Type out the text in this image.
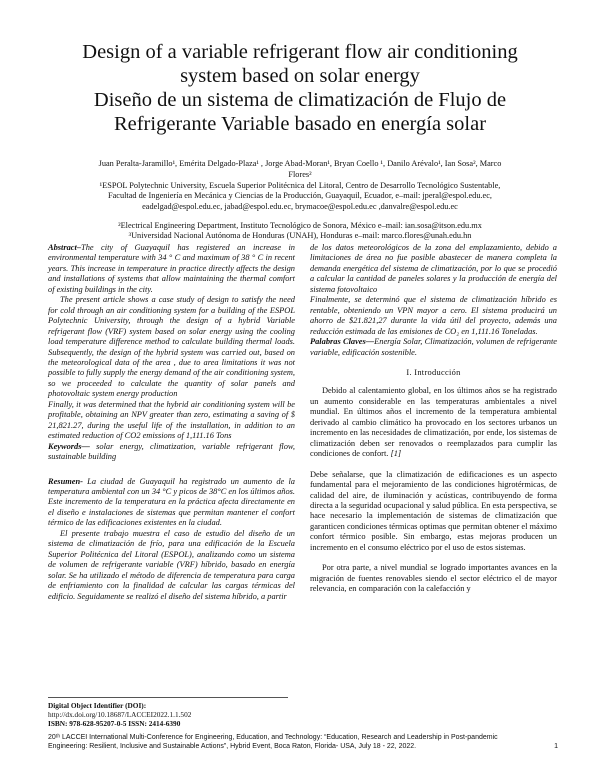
Design of a variable refrigerant flow air conditioning
system based on solar energy
Diseño de un sistema de climatización de Flujo de
Refrigerante Variable basado en energía solar
Juan Peralta-Jaramillo¹, Emérita Delgado-Plaza¹ , Jorge Abad-Moran¹, Bryan Coello ¹, Danilo Arévalo¹, Ian Sosa², Marco
Flores²
¹ESPOL Polytechnic University, Escuela Superior Politécnica del Litoral, Centro de Desarrollo Tecnológico Sustentable,
Facultad de Ingeniería en Mecánica y Ciencias de la Producción, Guayaquil, Ecuador, e–mail: jperal@espol.edu.ec,
eadelgad@espol.edu.ec, jabad@espol.edu.ec, brymacoe@espol.edu.ec ,danvalre@espol.edu.ec
²Electrical Engineering Department, Instituto Tecnológico de Sonora, México e–mail: ian.sosa@itson.edu.mx
³Universidad Nacional Autónoma de Honduras (UNAH), Honduras e–mail: marco.flores@unah.edu.hn

Abstract–The city of Guayaquil has registered an increase in environmental temperature with 34 ° C and maximum of 38 ° C in recent years. This increase in temperature in practice directly affects the design and installations of systems that allow maintaining the thermal comfort of existing buildings in the city.

The present article shows a case study of design to satisfy the need for cold through an air conditioning system for a building of the ESPOL Polytechnic University, through the design of a hybrid Variable refrigerant flow (VRF) system based on solar energy using the cooling load temperature difference method to calculate building thermal loads. Subsequently, the design of the hybrid system was carried out, based on the meteorological data of the area , due to area limitations it was not possible to fully supply the energy demand of the air conditioning system, so we proceeded to calculate the quantity of solar panels and photovoltaic system energy production

Finally, it was determined that the hybrid air conditioning system will be profitable, obtaining an NPV greater than zero, estimating a saving of $ 21,821.27, during the useful life of the installation, in addition to an estimated reduction of CO2 emissions of 1,111.16 Tons

Keywords— solar energy, climatization, variable refrigerant flow, sustainable building

Resumen- La ciudad de Guayaquil ha registrado un aumento de la temperatura ambiental con un 34 °C y picos de 38°C en los últimos años. Este incremento de la temperatura en la práctica afecta directamente en el diseño e instalaciones de sistemas que permitan mantener el confort térmico de las edificaciones existentes en la ciudad.

El presente trabajo muestra el caso de estudio del diseño de un sistema de climatización de frío, para una edificación de la Escuela Superior Politécnica del Litoral (ESPOL), analizando como un sistema de volumen de refrigerante variable (VRF) híbrido, basado en energía solar. Se ha utilizado el método de diferencia de temperatura para carga de enfriamiento con la finalidad de calcular las cargas térmicas del edificio. Seguidamente se realizó el diseño del sistema híbrido, a partir

de los datos meteorológicos de la zona del emplazamiento, debido a limitaciones de área no fue posible abastecer de manera completa la demanda energética del sistema de climatización, por lo que se procedió a calcular la cantidad de paneles solares y la producción de energía del sistema fotovoltaico

Finalmente, se determinó que el sistema de climatización híbrido es rentable, obteniendo un VPN mayor a cero. El sistema producirá un ahorro de $21.821,27 durante la vida útil del proyecto, además una reducción estimada de las emisiones de CO₂ en 1,111.16 Toneladas.

Palabras Claves—Energía Solar, Climatización, volumen de refrigerante variable, edificación sostenible.

I. Introducción

Debido al calentamiento global, en los últimos años se ha registrado un aumento considerable en las temperaturas ambientales a nivel mundial. En últimos años el incremento de la temperatura ambiental derivado al cambio climático ha provocado en los sectores urbanos un incremento en las necesidades de climatización, por ende, los sistemas de climatización deben ser renovados o reemplazados para cumplir las condiciones de confort. [1]

Debe señalarse, que la climatización de edificaciones es un aspecto fundamental para el mejoramiento de las condiciones higrotérmicas, de calidad del aire, de iluminación y acústicas, contribuyendo de forma directa a la seguridad ocupacional y salud pública. En esta perspectiva, se hace necesario la implementación de sistemas de climatización que garanticen condiciones térmicas optimas que permitan obtener el máximo confort térmico posible. Sin embargo, estas mejoras producen un incremento en el consumo eléctrico por el uso de estos sistemas.

Por otra parte, a nivel mundial se logrado importantes avances en la migración de fuentes renovables siendo el sector eléctrico el de mayor relevancia, en comparación con la calefacción y

Digital Object Identifier (DOI):
http://dx.doi.org/10.18687/LACCEI2022.1.1.502
ISBN: 978-628-95207-0-5 ISSN: 2414-6390
20ᵗʰ LACCEI International Multi-Conference for Engineering, Education, and Technology: “Education, Research and Leadership in Post-pandemic
Engineering: Resilient, Inclusive and Sustainable Actions”, Hybrid Event, Boca Raton, Florida- USA, July 18 - 22, 2022.	1
